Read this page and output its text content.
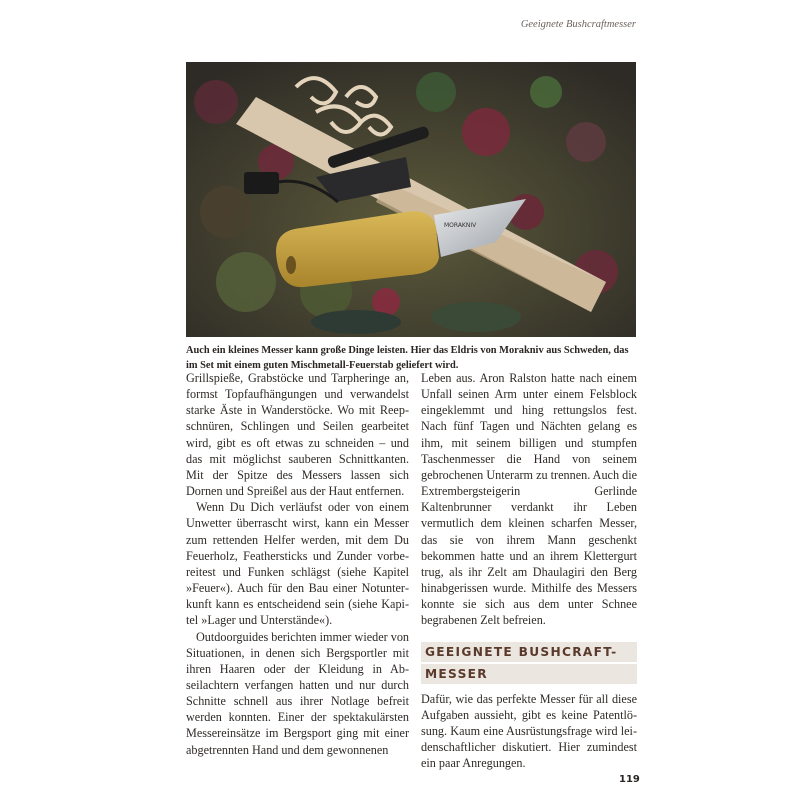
Geeignete Bushcraftmesser
MORAKNIV
Auch ein kleines Messer kann große Dinge leisten. Hier das Eldris von Morakniv aus Schweden, das im Set mit einem guten Mischmetall-Feuerstab geliefert wird.

Grillspieße, Grabstöcke und Tarpheringe an, formst Topfaufhängungen und verwandelst starke Äste in Wanderstöcke. Wo mit Reepschnüren, Schlingen und Seilen gearbeitet wird, gibt es oft etwas zu schneiden – und das mit möglichst sauberen Schnittkanten. Mit der Spitze des Messers lassen sich Dornen und Spreißel aus der Haut entfernen.

Wenn Du Dich verläufst oder von einem Unwetter überrascht wirst, kann ein Messer zum rettenden Helfer werden, mit dem Du Feuerholz, Feathersticks und Zunder vorbereitest und Funken schlägst (siehe Kapitel »Feuer«). Auch für den Bau einer Notunterkunft kann es entscheidend sein (siehe Kapitel »Lager und Unterstände«).

Outdoorguides berichten immer wieder von Situationen, in denen sich Bergsportler mit ihren Haaren oder der Kleidung in Abseilachtern verfangen hatten und nur durch Schnitte schnell aus ihrer Notlage befreit werden konnten. Einer der spektakulärsten Messereinsätze im Bergsport ging mit einer abgetrennten Hand und dem gewonnenen

Leben aus. Aron Ralston hatte nach einem Unfall seinen Arm unter einem Felsblock eingeklemmt und hing rettungslos fest. Nach fünf Tagen und Nächten gelang es ihm, mit seinem billigen und stumpfen Taschenmesser die Hand von seinem gebrochenen Unterarm zu trennen. Auch die Extrembergsteigerin Gerlinde Kaltenbrunner verdankt ihr Leben vermutlich dem kleinen scharfen Messer, das sie von ihrem Mann geschenkt bekommen hatte und an ihrem Klettergurt trug, als ihr Zelt am Dhaulagiri den Berg hinabgerissen wurde. Mithilfe des Messers konnte sie sich aus dem unter Schnee begrabenen Zelt befreien.

GEEIGNETE BUSHCRAFT-
MESSER

Dafür, wie das perfekte Messer für all diese Aufgaben aussieht, gibt es keine Patentlösung. Kaum eine Ausrüstungsfrage wird leidenschaftlicher diskutiert. Hier zumindest ein paar Anregungen.

119
